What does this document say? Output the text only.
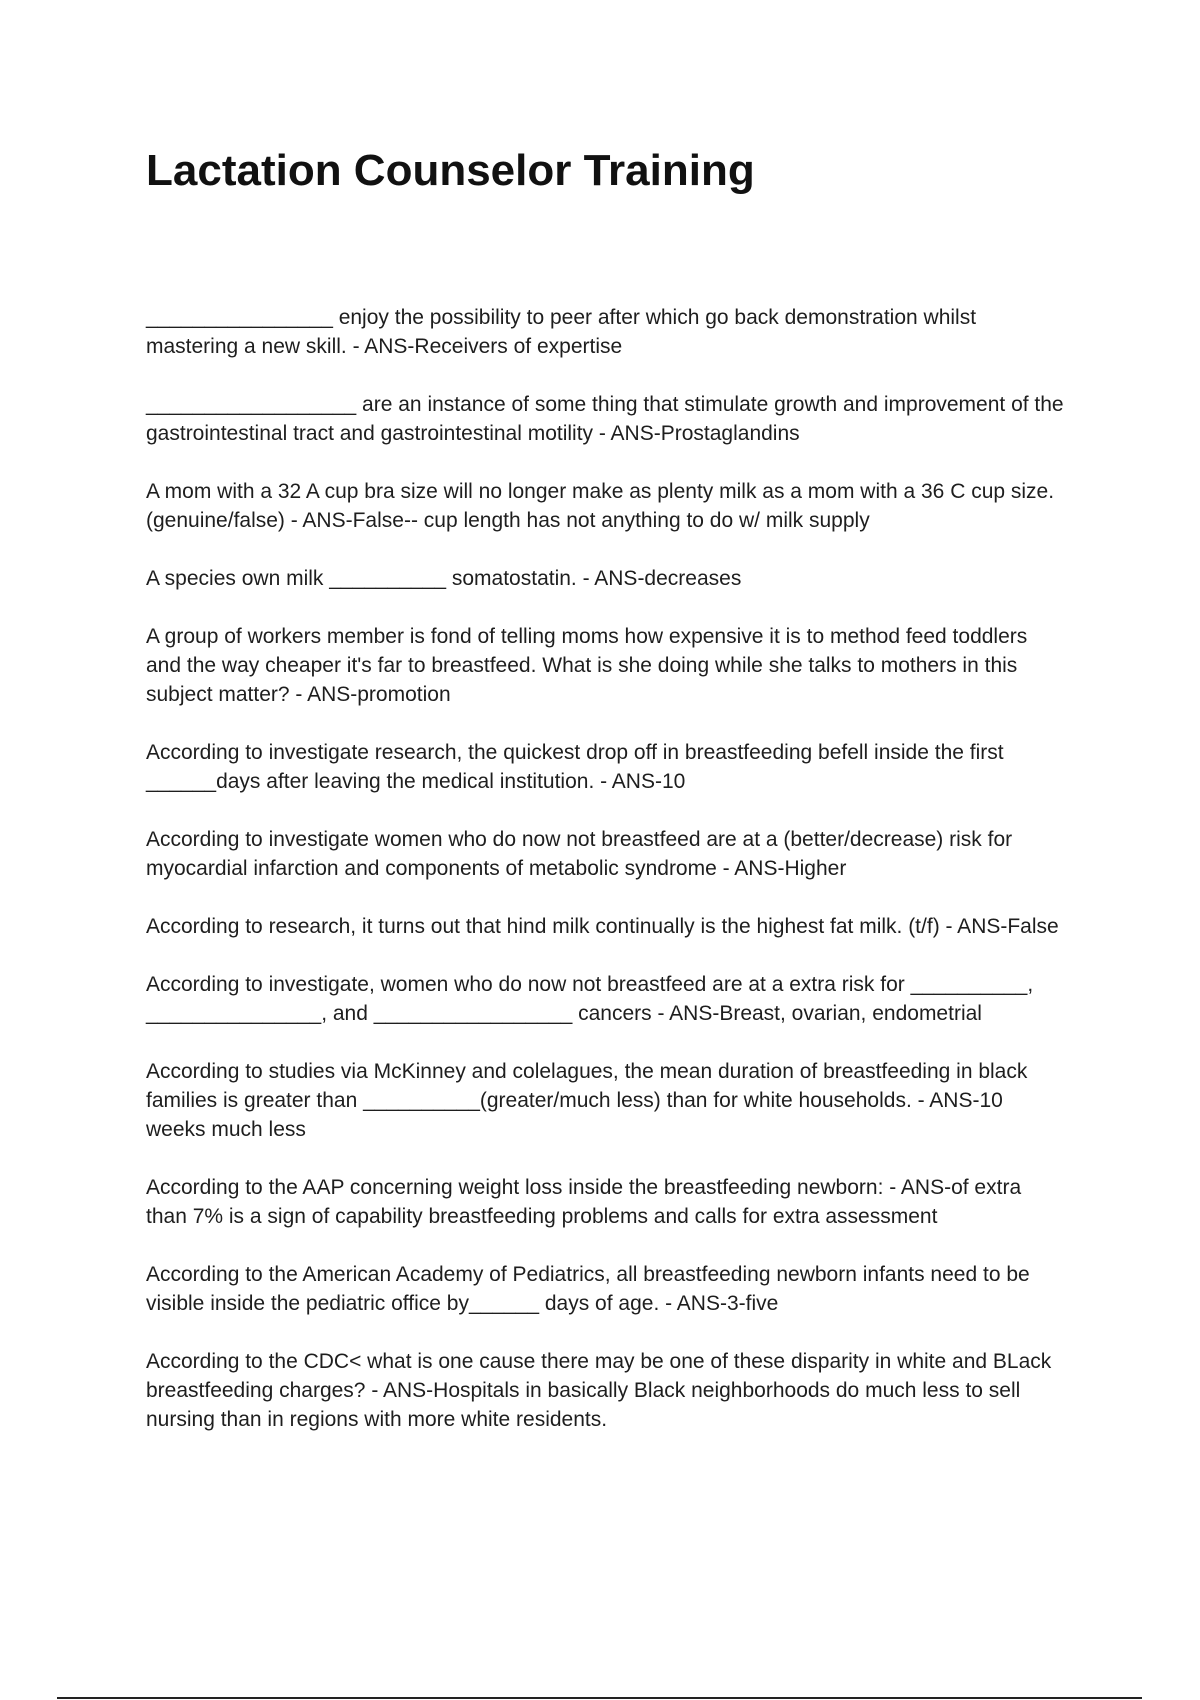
Lactation Counselor Training
________________ enjoy the possibility to peer after which go back demonstration whilst mastering a new skill. - ANS-Receivers of expertise
__________________ are an instance of some thing that stimulate growth and improvement of the gastrointestinal tract and gastrointestinal motility - ANS-Prostaglandins
A mom with a 32 A cup bra size will no longer make as plenty milk as a mom with a 36 C cup size. (genuine/false) - ANS-False-- cup length has not anything to do w/ milk supply
A species own milk __________ somatostatin. - ANS-decreases
A group of workers member is fond of telling moms how expensive it is to method feed toddlers and the way cheaper it's far to breastfeed. What is she doing while she talks to mothers in this subject matter? - ANS-promotion
According to investigate research, the quickest drop off in breastfeeding befell inside the first ______days after leaving the medical institution. - ANS-10
According to investigate women who do now not breastfeed are at a (better/decrease) risk for myocardial infarction and components of metabolic syndrome - ANS-Higher
According to research, it turns out that hind milk continually is the highest fat milk. (t/f) - ANS-False
According to investigate, women who do now not breastfeed are at a extra risk for __________, _______________, and _________________ cancers - ANS-Breast, ovarian, endometrial
According to studies via McKinney and colelagues, the mean duration of breastfeeding in black families is greater than __________(greater/much less) than for white households. - ANS-10 weeks much less
According to the AAP concerning weight loss inside the breastfeeding newborn: - ANS-of extra than 7% is a sign of capability breastfeeding problems and calls for extra assessment
According to the American Academy of Pediatrics, all breastfeeding newborn infants need to be visible inside the pediatric office by______ days of age. - ANS-3-five
According to the CDC< what is one cause there may be one of these disparity in white and BLack breastfeeding charges? - ANS-Hospitals in basically Black neighborhoods do much less to sell nursing than in regions with more white residents.
